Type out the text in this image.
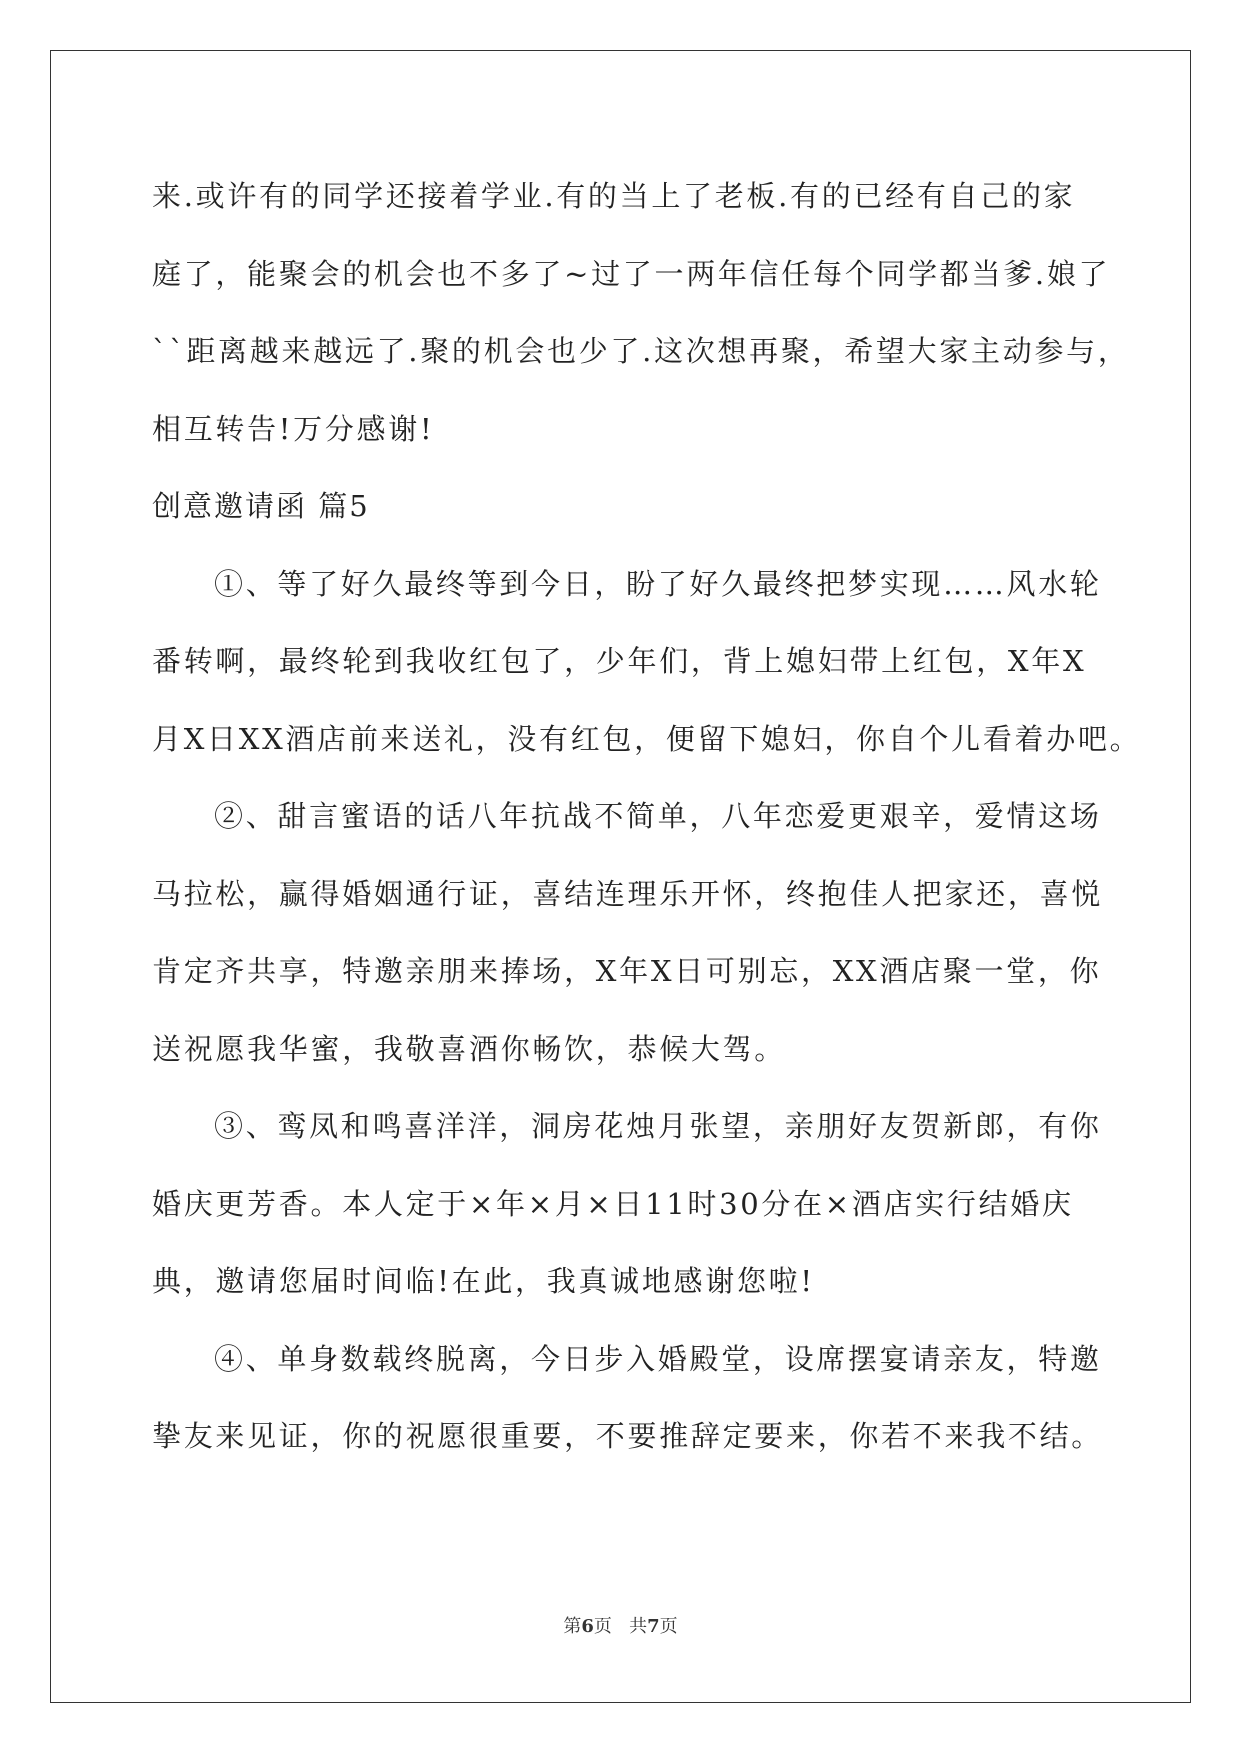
来.或许有的同学还接着学业.有的当上了老板.有的已经有自己的家
庭了，能聚会的机会也不多了~过了一两年信任每个同学都当爹.娘了
``距离越来越远了.聚的机会也少了.这次想再聚，希望大家主动参与，
相互转告!万分感谢!
创意邀请函 篇5
①、等了好久最终等到今日，盼了好久最终把梦实现……风水轮
番转啊，最终轮到我收红包了，少年们，背上媳妇带上红包，X年X
月X日XX酒店前来送礼，没有红包，便留下媳妇，你自个儿看着办吧。
②、甜言蜜语的话八年抗战不简单，八年恋爱更艰辛，爱情这场
马拉松，赢得婚姻通行证，喜结连理乐开怀，终抱佳人把家还，喜悦
肯定齐共享，特邀亲朋来捧场，X年X日可别忘，XX酒店聚一堂，你
送祝愿我华蜜，我敬喜酒你畅饮，恭候大驾。
③、鸾凤和鸣喜洋洋，洞房花烛月张望，亲朋好友贺新郎，有你
婚庆更芳香。本人定于×年×月×日11时30分在×酒店实行结婚庆
典，邀请您届时间临!在此，我真诚地感谢您啦!
④、单身数载终脱离，今日步入婚殿堂，设席摆宴请亲友，特邀
挚友来见证，你的祝愿很重要，不要推辞定要来，你若不来我不结。
第6页   共7页
